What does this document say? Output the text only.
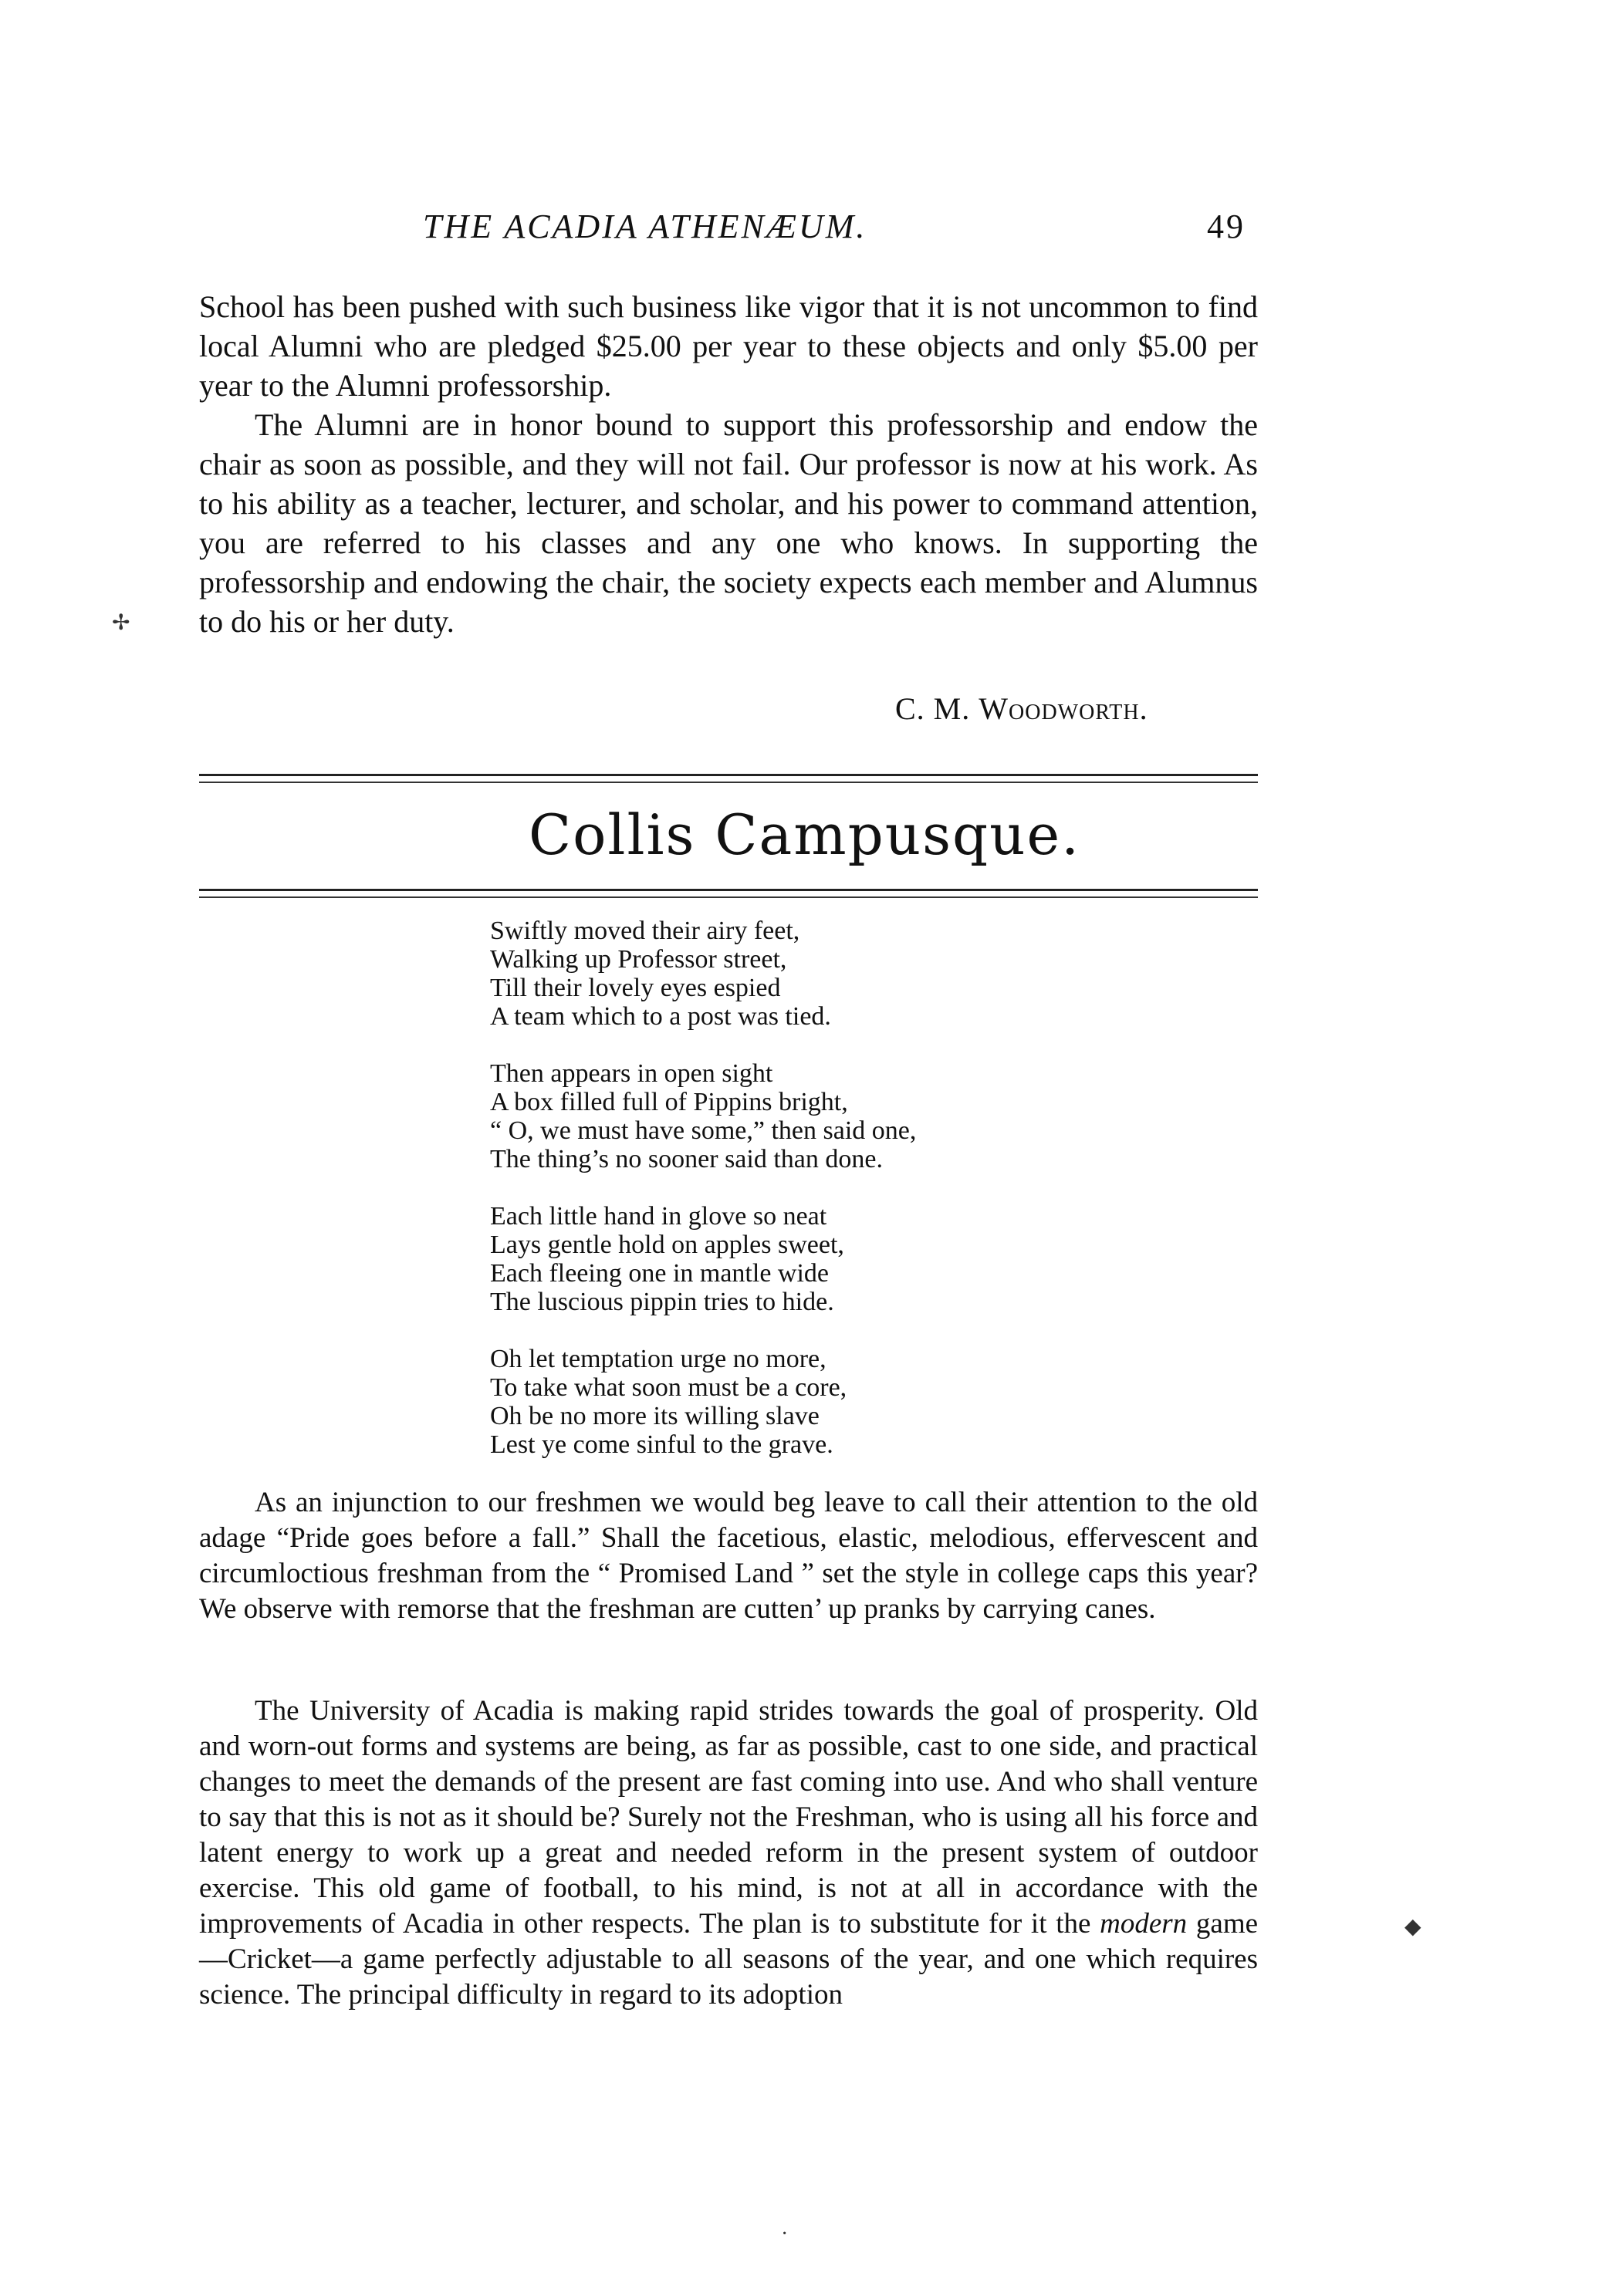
THE ACADIA ATHENÆUM.	49

School has been pushed with such business like vigor that it is not uncommon to find local Alumni who are pledged $25.00 per year to these objects and only $5.00 per year to the Alumni professorship.

The Alumni are in honor bound to support this professorship and endow the chair as soon as possible, and they will not fail. Our professor is now at his work. As to his ability as a teacher, lecturer, and scholar, and his power to command attention, you are referred to his classes and any one who knows. In supporting the professorship and endowing the chair, the society expects each member and Alumnus to do his or her duty.

C. M. Woodworth.
Collis Campusque.
Swiftly moved their airy feet,
Walking up Professor street,
Till their lovely eyes espied
A team which to a post was tied.
Then appears in open sight
A box filled full of Pippins bright,
“ O, we must have some,” then said one,
The thing’s no sooner said than done.
Each little hand in glove so neat
Lays gentle hold on apples sweet,
Each fleeing one in mantle wide
The luscious pippin tries to hide.
Oh let temptation urge no more,
To take what soon must be a core,
Oh be no more its willing slave
Lest ye come sinful to the grave.

As an injunction to our freshmen we would beg leave to call their attention to the old adage “Pride goes before a fall.” Shall the facetious, elastic, melodious, effervescent and circumloctious freshman from the “ Promised Land ” set the style in college caps this year? We observe with remorse that the freshman are cutten’ up pranks by carrying canes.

The University of Acadia is making rapid strides towards the goal of prosperity. Old and worn-out forms and systems are being, as far as possible, cast to one side, and practical changes to meet the demands of the present are fast coming into use. And who shall venture to say that this is not as it should be? Surely not the Freshman, who is using all his force and latent energy to work up a great and needed reform in the present system of outdoor exercise. This old game of football, to his mind, is not at all in accordance with the improvements of Acadia in other respects. The plan is to substitute for it the modern game—Cricket—a game perfectly adjustable to all seasons of the year, and one which requires science. The principal difficulty in regard to its adoption

✢
◆
·
